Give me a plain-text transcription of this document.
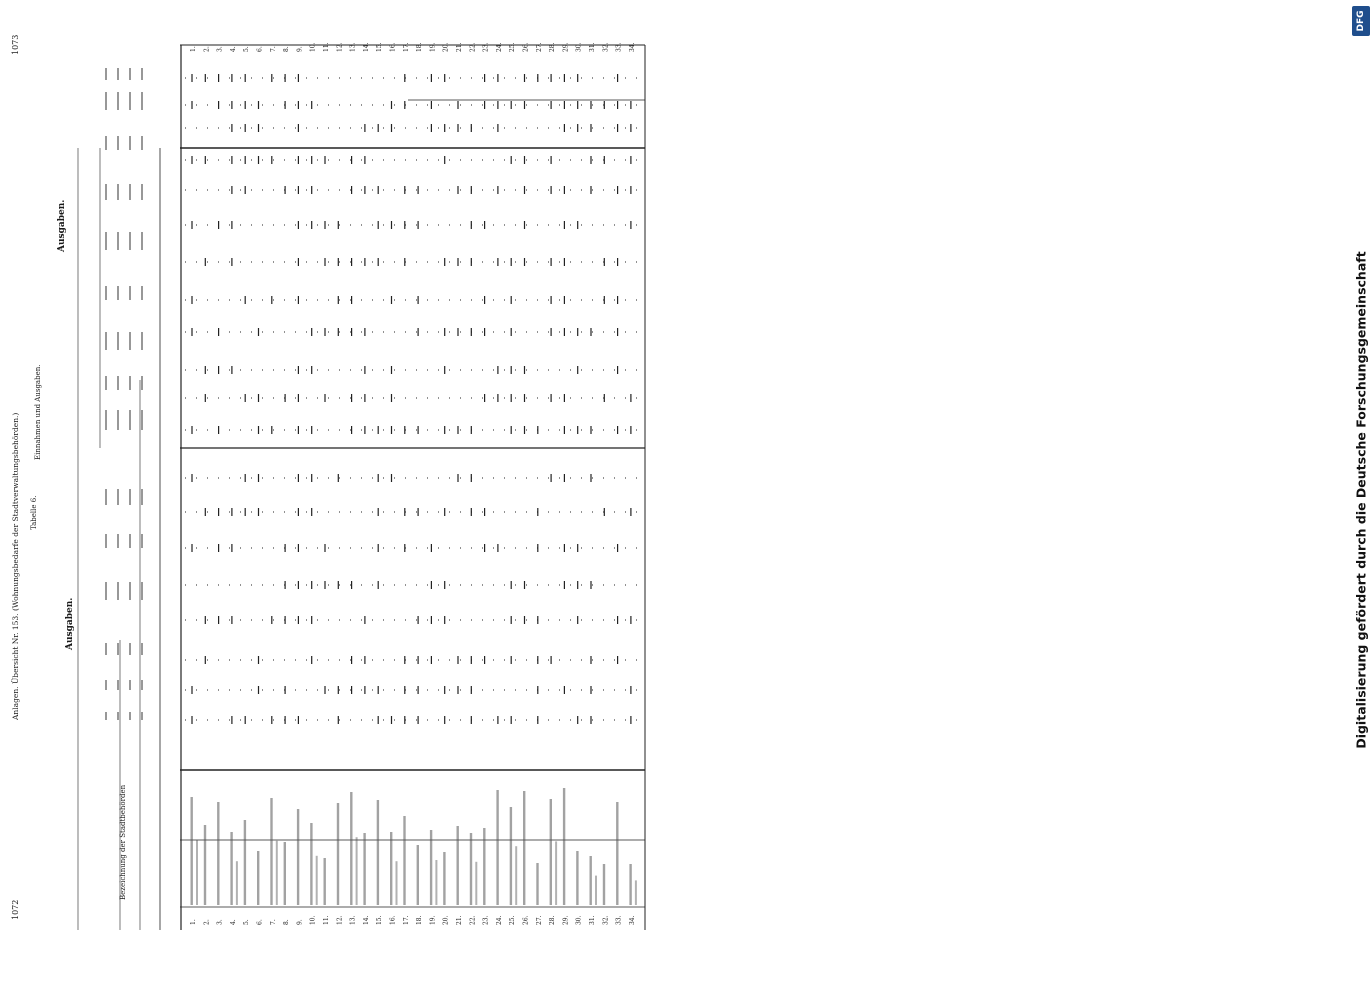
1072
Anlagen. Übersicht Nr. 153. (Wohnungsbedarfe der Stadtverwaltungsbehörden.)
1073
Tabelle 6.
Ausgaben.
Ausgaben.
Einnahmen und Ausgaben.
Bezeichnung der Stadtbehörden
1.
1.
2.
2.
3.
3.
4.
4.
5.
5.
6.
6.
7.
7.
8.
8.
9.
9.
10.
10.
11.
11.
12.
12.
13.
13.
14.
14.
15.
15.
16.
16.
17.
17.
18.
18.
19.
19.
20.
20.
21.
21.
22.
22.
23.
23.
24.
24.
25.
25.
26.
26.
27.
27.
28.
28.
29.
29.
30.
30.
31.
31.
32.
32.
33.
33.
34.
34.
DFG
Digitalisierung gefördert durch die Deutsche Forschungsgemeinschaft
